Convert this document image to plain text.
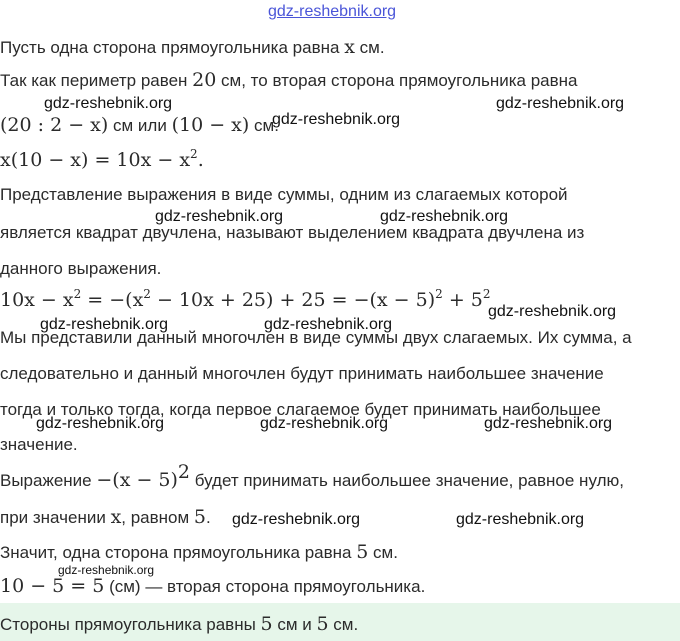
gdz-reshebnik.org
Пусть одна сторона прямоугольника равна x см.
Так как периметр равен 20 см, то вторая сторона прямоугольника равна
(20 : 2 − x) см или (10 − x) см.
$x(10 - x) = 10x - x^2$.
Представление выражения в виде суммы, одним из слагаемых которой
является квадрат двучлена, называют выделением квадрата двучлена из
данного выражения.
$10x - x^2 = -(x^2 - 10x + 25) + 25 = -(x - 5)^2 + 5^2$
Мы представили данный многочлен в виде суммы двух слагаемых. Их сумма, а
следовательно и данный многочлен будут принимать наибольшее значение
тогда и только тогда, когда первое слагаемое будет принимать наибольшее
значение.
Выражение $-(x - 5)^2$ будет принимать наибольшее значение, равное нулю,
при значении x, равном 5.
Значит, одна сторона прямоугольника равна 5 см.
10 − 5 = 5 (см) — вторая сторона прямоугольника.
Стороны прямоугольника равны 5 см и 5 см.
gdz-reshebnik.org
gdz-reshebnik.org
gdz-reshebnik.org
gdz-reshebnik.org	gdz-reshebnik.org
gdz-reshebnik.org
gdz-reshebnik.org	gdz-reshebnik.org
gdz-reshebnik.org	gdz-reshebnik.org	gdz-reshebnik.org
gdz-reshebnik.org	gdz-reshebnik.org
gdz-reshebnik.org
